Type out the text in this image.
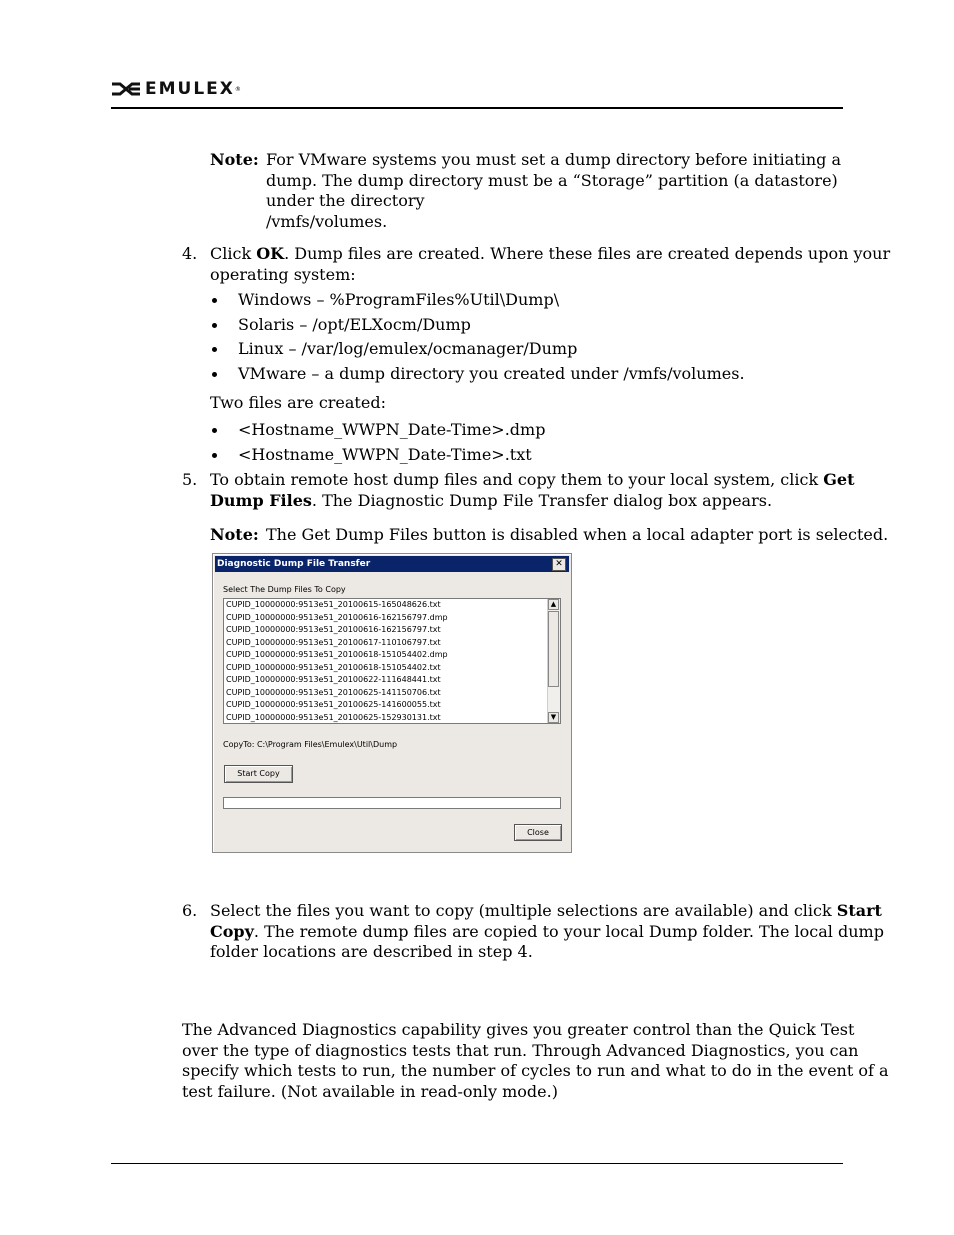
EMULEX ®
Note: For VMware systems you must set a dump directory before initiating a
dump. The dump directory must be a “Storage” partition (a datastore)
under the directory
/vmfs/volumes.
4. Click OK. Dump files are created. Where these files are created depends upon your
operating system:
Windows – %ProgramFiles%Util\Dump\
Solaris – /opt/ELXocm/Dump
Linux – /var/log/emulex/ocmanager/Dump
VMware – a dump directory you created under /vmfs/volumes.
Two files are created:
<Hostname_WWPN_Date-Time>.dmp
<Hostname_WWPN_Date-Time>.txt
5. To obtain remote host dump files and copy them to your local system, click Get
Dump Files. The Diagnostic Dump File Transfer dialog box appears.
Note: The Get Dump Files button is disabled when a local adapter port is selected.
Diagnostic Dump File Transfer	✕
Select The Dump Files To Copy
CUPID_10000000:9513e51_20100615-165048626.txt
CUPID_10000000:9513e51_20100616-162156797.dmp
CUPID_10000000:9513e51_20100616-162156797.txt
CUPID_10000000:9513e51_20100617-110106797.txt
CUPID_10000000:9513e51_20100618-151054402.dmp
CUPID_10000000:9513e51_20100618-151054402.txt
CUPID_10000000:9513e51_20100622-111648441.txt
CUPID_10000000:9513e51_20100625-141150706.txt
CUPID_10000000:9513e51_20100625-141600055.txt
CUPID_10000000:9513e51_20100625-152930131.txt
▲
▼
CopyTo: C:\Program Files\Emulex\Util\Dump
Start Copy
Close
6. Select the files you want to copy (multiple selections are available) and click Start
Copy. The remote dump files are copied to your local Dump folder. The local dump
folder locations are described in step 4.
The Advanced Diagnostics capability gives you greater control than the Quick Test
over the type of diagnostics tests that run. Through Advanced Diagnostics, you can
specify which tests to run, the number of cycles to run and what to do in the event of a
test failure. (Not available in read-only mode.)
